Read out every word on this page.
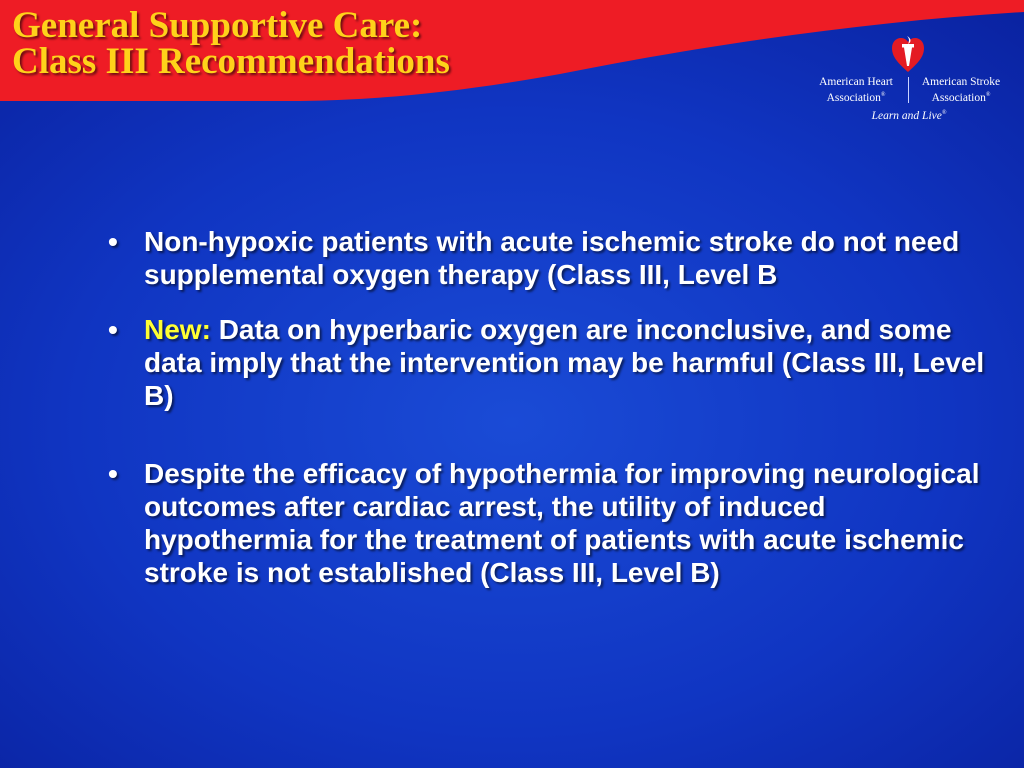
General Supportive Care:
Class III Recommendations	American Heart
Association®
American Stroke
Association®
Learn and Live®
• Non-hypoxic patients with acute ischemic stroke do not need supplemental oxygen therapy (Class III, Level B
• New: Data on hyperbaric oxygen are inconclusive, and some data imply that the intervention may be harmful (Class III, Level B)
• Despite the efficacy of hypothermia for improving neurological outcomes after cardiac arrest, the utility of induced hypothermia for the treatment of patients with acute ischemic stroke is not established (Class III, Level B)
